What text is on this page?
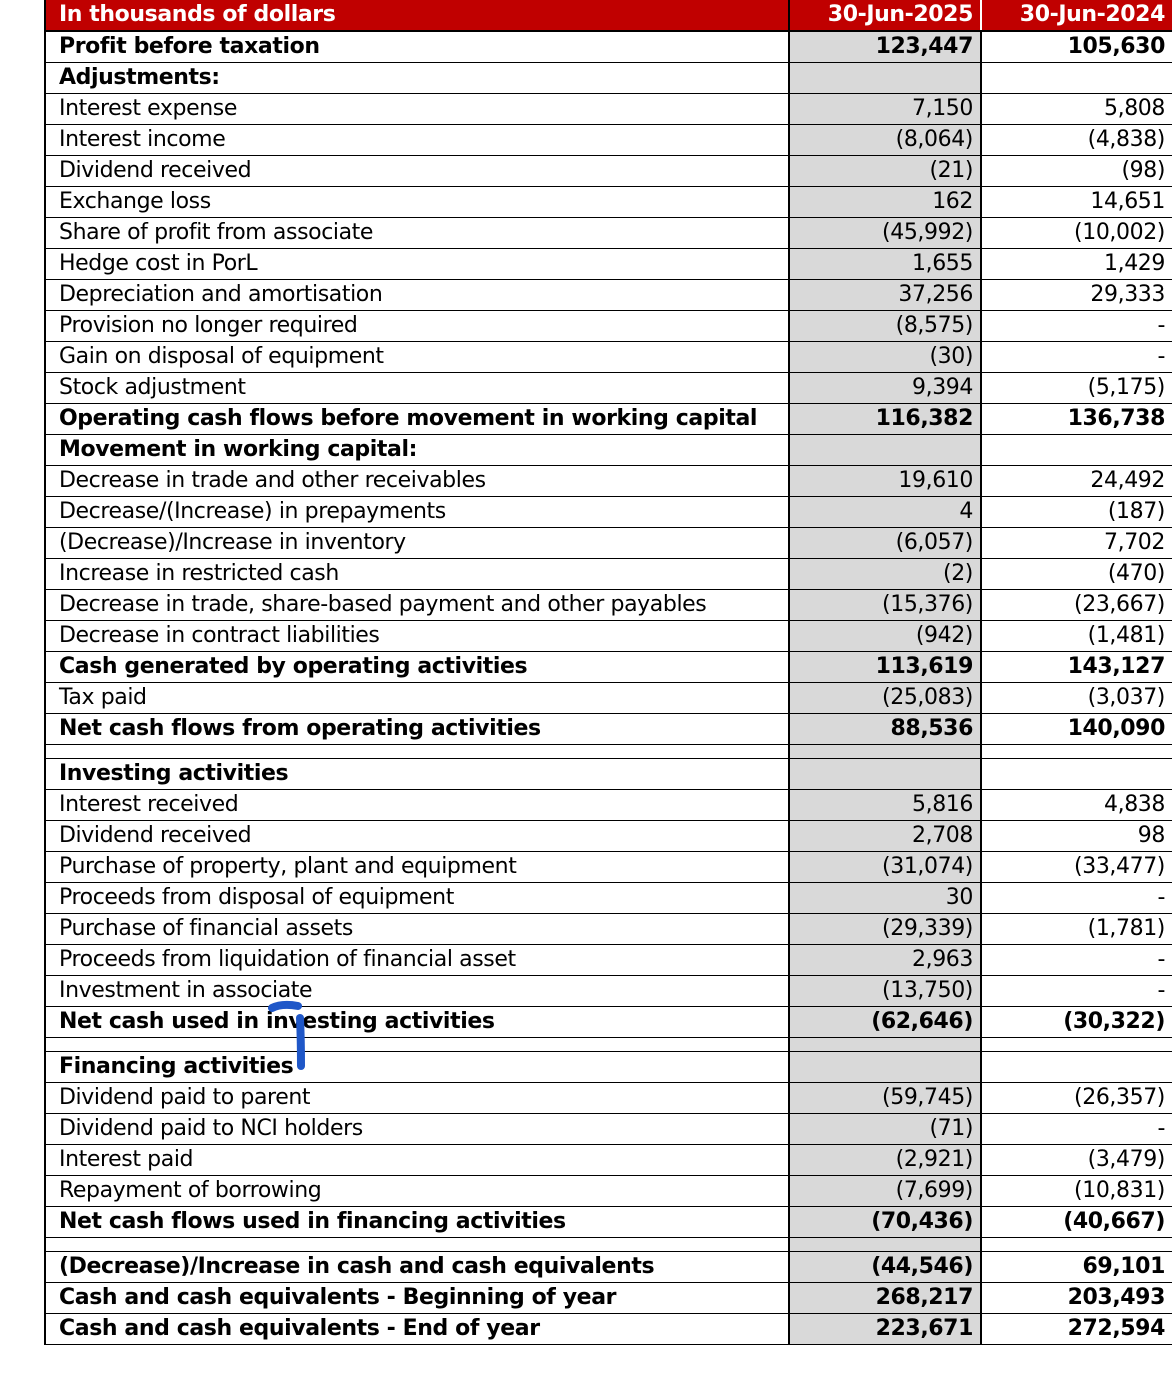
In thousands of dollars	30-Jun-2025	30-Jun-2024
Profit before taxation	123,447	105,630
Adjustments:		
Interest expense	7,150	5,808
Interest income	(8,064)	(4,838)
Dividend received	(21)	(98)
Exchange loss	162	14,651
Share of profit from associate	(45,992)	(10,002)
Hedge cost in PorL	1,655	1,429
Depreciation and amortisation	37,256	29,333
Provision no longer required	(8,575)	-
Gain on disposal of equipment	(30)	-
Stock adjustment	9,394	(5,175)
Operating cash flows before movement in working capital	116,382	136,738
Movement in working capital:		
Decrease in trade and other receivables	19,610	24,492
Decrease/(Increase) in prepayments	4	(187)
(Decrease)/Increase in inventory	(6,057)	7,702
Increase in restricted cash	(2)	(470)
Decrease in trade, share-based payment and other payables	(15,376)	(23,667)
Decrease in contract liabilities	(942)	(1,481)
Cash generated by operating activities	113,619	143,127
Tax paid	(25,083)	(3,037)
Net cash flows from operating activities	88,536	140,090

Investing activities		
Interest received	5,816	4,838
Dividend received	2,708	98
Purchase of property, plant and equipment	(31,074)	(33,477)
Proceeds from disposal of equipment	30	-
Purchase of financial assets	(29,339)	(1,781)
Proceeds from liquidation of financial asset	2,963	-
Investment in associate	(13,750)	-
Net cash used in investing activities	(62,646)	(30,322)

Financing activities		
Dividend paid to parent	(59,745)	(26,357)
Dividend paid to NCI holders	(71)	-
Interest paid	(2,921)	(3,479)
Repayment of borrowing	(7,699)	(10,831)
Net cash flows used in financing activities	(70,436)	(40,667)

(Decrease)/Increase in cash and cash equivalents	(44,546)	69,101
Cash and cash equivalents - Beginning of year	268,217	203,493
Cash and cash equivalents - End of year	223,671	272,594
